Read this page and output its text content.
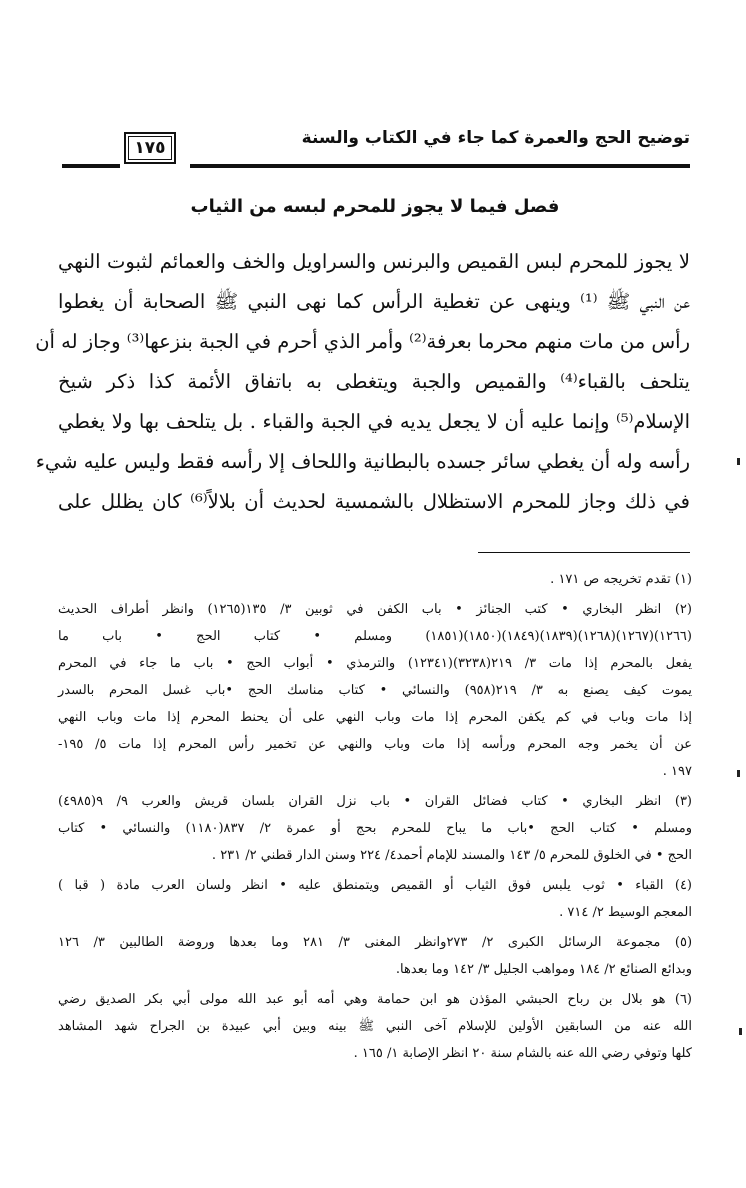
توضيح الحج والعمرة كما جاء في الكتاب والسنة
١٧٥
فصل فيما لا يجوز للمحرم لبسه من الثياب
لا يجوز للمحرم لبس القميص والبرنس والسراويل والخف والعمائم لثبوت النهي
عن النبي ﷺ ⁽¹⁾ وينهى عن تغطية الرأس كما نهى النبي ﷺ الصحابة أن يغطوا
رأس من مات منهم محرما بعرفة⁽²⁾ وأمر الذي أحرم في الجبة بنزعها⁽³⁾ وجاز له أن
يتلحف بالقباء⁽⁴⁾ والقميص والجبة ويتغطى به باتفاق الأئمة كذا ذكر شيخ
الإسلام⁽⁵⁾ وإنما عليه أن لا يجعل يديه في الجبة والقباء . بل يتلحف بها ولا يغطي
رأسه وله أن يغطي سائر جسده بالبطانية واللحاف إلا رأسه فقط وليس عليه شيء
في ذلك وجاز للمحرم الاستظلال بالشمسية لحديث أن بلالاً⁽⁶⁾ كان يظلل على
(١) تقدم تخريجه ص ١٧١ .
(٢) انظر البخاري • كتب الجنائز • باب الكفن في ثوبين ٣/ ١٣٥(١٢٦٥) وانظر أطراف الحديث
(١٢٦٦)(١٢٦٧)(١٢٦٨)(١٨٣٩)(١٨٤٩)(١٨٥٠)(١٨٥١) ومسلم • كتاب الحج • باب ما
يفعل بالمحرم إذا مات ٣/ ٢١٩(٣٢٣٨)(١٢٣٤١) والترمذي • أبواب الحج • باب ما جاء في المحرم
يموت كيف يصنع به ٣/ ٢١٩(٩٥٨) والنسائي • كتاب مناسك الحج •باب غسل المحرم بالسدر
إذا مات وباب في كم يكفن المحرم إذا مات وباب النهي على أن يحنط المحرم إذا مات وباب النهي
عن أن يخمر وجه المحرم ورأسه إذا مات وباب والنهي عن تخمير رأس المحرم إذا مات ٥/ ١٩٥-
١٩٧ .
(٣) انظر البخاري • كتاب فضائل القران • باب نزل القران بلسان قريش والعرب ٩/ ٩(٤٩٨٥)
ومسلم • كتاب الحج •باب ما يباح للمحرم بحج أو عمرة ٢/ ٨٣٧(١١٨٠) والنسائي • كتاب
الحج • في الخلوق للمحرم ٥/ ١٤٣ والمسند للإمام أحمد٤/ ٢٢٤ وسنن الدار قطني ٢/ ٢٣١ .
(٤) القباء • ثوب يلبس فوق الثياب أو القميص ويتمنطق عليه • انظر ولسان العرب مادة ( قبا )
المعجم الوسيط ٢/ ٧١٤ .
(٥) مجموعة الرسائل الكبرى ٢/ ٢٧٣وانظر المغنى ٣/ ٢٨١ وما بعدها وروضة الطالبين ٣/ ١٢٦
وبدائع الصنائع ٢/ ١٨٤ ومواهب الجليل ٣/ ١٤٢ وما بعدها.
(٦) هو بلال بن رباح الحبشي المؤذن هو ابن حمامة وهي أمه أبو عبد الله مولى أبي بكر الصديق رضي
الله عنه من السابقين الأولين للإسلام آخى النبي ﷺ بينه وبين أبي عبيدة بن الجراح شهد المشاهد
كلها وتوفي رضي الله عنه بالشام سنة ٢٠ انظر الإصابة ١/ ١٦٥ .
